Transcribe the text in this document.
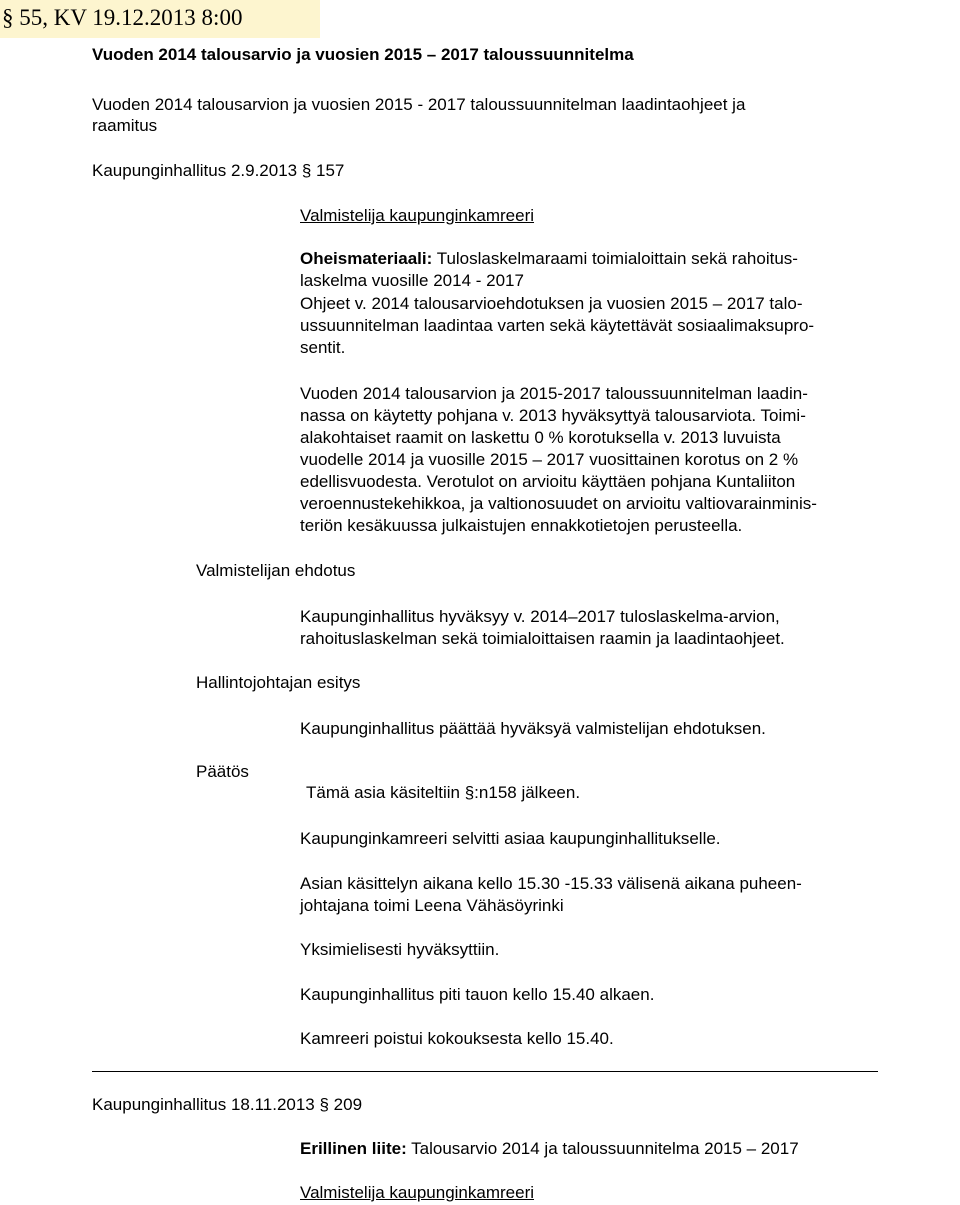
§ 55, KV 19.12.2013 8:00
Vuoden 2014 talousarvio ja vuosien 2015 – 2017 taloussuunnitelma
Vuoden 2014 talousarvion ja vuosien 2015 - 2017 taloussuunnitelman laadintaohjeet ja
raamitus
Kaupunginhallitus 2.9.2013 § 157
Valmistelija kaupunginkamreeri
Oheismateriaali: Tuloslaskelmaraami toimialoittain sekä rahoitus-
laskelma vuosille 2014 - 2017
Ohjeet v. 2014 talousarvioehdotuksen ja vuosien 2015 – 2017 talo-
ussuunnitelman laadintaa varten sekä käytettävät sosiaalimaksupro-
sentit.
Vuoden 2014 talousarvion ja 2015-2017 taloussuunnitelman laadin-
nassa on käytetty pohjana v. 2013 hyväksyttyä talousarviota. Toimi-
alakohtaiset raamit on laskettu 0 % korotuksella v. 2013 luvuista
vuodelle 2014 ja vuosille 2015 – 2017 vuosittainen korotus on 2 %
edellisvuodesta. Verotulot on arvioitu käyttäen pohjana Kuntaliiton
veroennustekehikkoa, ja valtionosuudet on arvioitu valtiovarainminis-
teriön kesäkuussa julkaistujen ennakkotietojen perusteella.
Valmistelijan ehdotus
Kaupunginhallitus hyväksyy v. 2014–2017 tuloslaskelma-arvion,
rahoituslaskelman sekä toimialoittaisen raamin ja laadintaohjeet.
Hallintojohtajan esitys
Kaupunginhallitus päättää hyväksyä valmistelijan ehdotuksen.
Päätös
Tämä asia käsiteltiin §:n158 jälkeen.
Kaupunginkamreeri selvitti asiaa kaupunginhallitukselle.
Asian käsittelyn aikana kello 15.30 -15.33 välisenä aikana puheen-
johtajana toimi Leena Vähäsöyrinki
Yksimielisesti hyväksyttiin.
Kaupunginhallitus piti tauon kello 15.40 alkaen.
Kamreeri poistui kokouksesta kello 15.40.
Kaupunginhallitus 18.11.2013 § 209
Erillinen liite: Talousarvio 2014 ja taloussuunnitelma 2015 – 2017
Valmistelija kaupunginkamreeri
